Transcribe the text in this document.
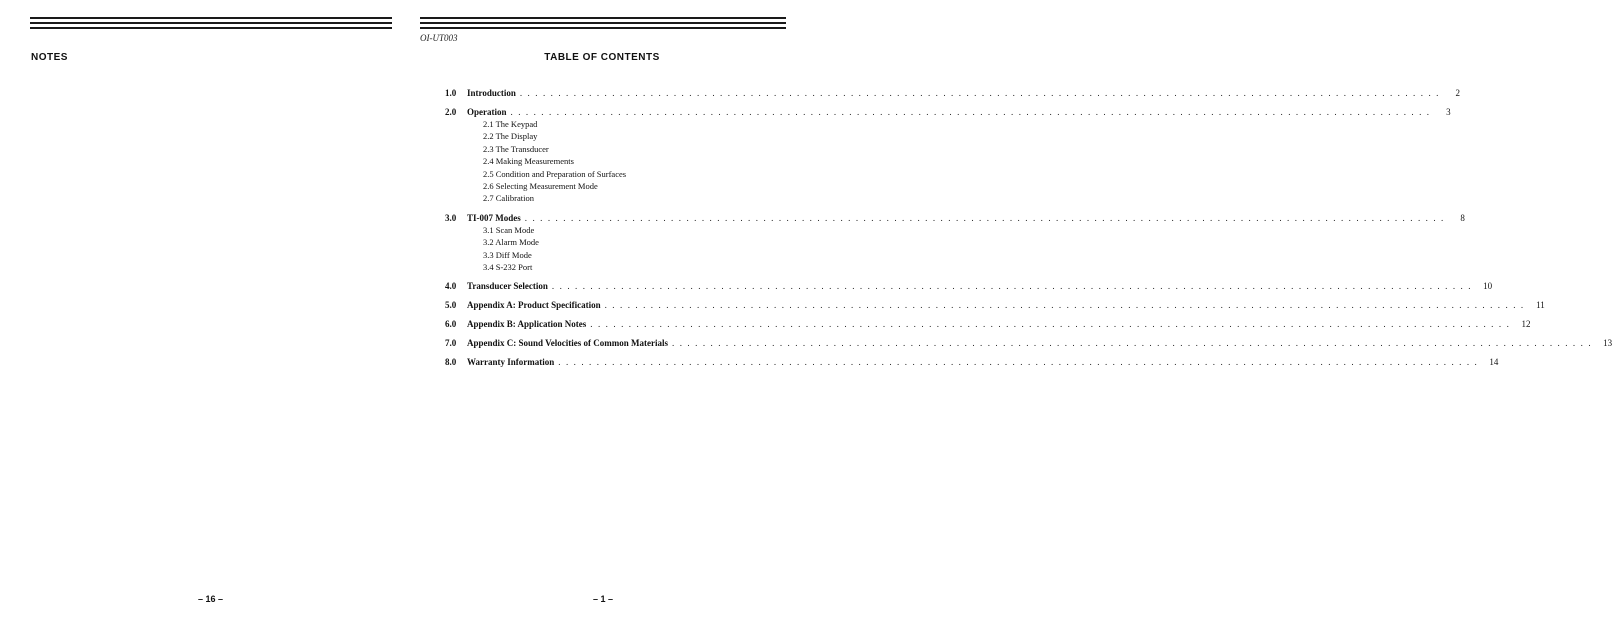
NOTES
– 16 –
OI-UT003
TABLE OF CONTENTS
1.0	Introduction . . . . . . . . . . . . . . . . . . . . . . . . . . . . . . . . . . . . . . . . . . . . . . . . . . . . . . . . . . . . . . . . . . . . . . . . . . . . . . . . . . . . . . . . . . . . . . . . . . . . . . . . . . . . . . . . . . . . . . . .	2
2.0	Operation . . . . . . . . . . . . . . . . . . . . . . . . . . . . . . . . . . . . . . . . . . . . . . . . . . . . . . . . . . . . . . . . . . . . . . . . . . . . . . . . . . . . . . . . . . . . . . . . . . . . . . . . . . . . . . . . . . . . . . . .	3
2.1 The Keypad
2.2 The Display
2.3 The Transducer
2.4 Making Measurements
2.5 Condition and Preparation of Surfaces
2.6 Selecting Measurement Mode
2.7 Calibration
3.0	TI-007 Modes . . . . . . . . . . . . . . . . . . . . . . . . . . . . . . . . . . . . . . . . . . . . . . . . . . . . . . . . . . . . . . . . . . . . . . . . . . . . . . . . . . . . . . . . . . . . . . . . . . . . . . . . . . . . . . . . . . . . . . . .	8
3.1 Scan Mode
3.2 Alarm Mode
3.3 Diff Mode
3.4 S-232 Port
4.0	Transducer Selection . . . . . . . . . . . . . . . . . . . . . . . . . . . . . . . . . . . . . . . . . . . . . . . . . . . . . . . . . . . . . . . . . . . . . . . . . . . . . . . . . . . . . . . . . . . . . . . . . . . . . . . . . . . . . . . . . . . . . . . .	10
5.0	Appendix A: Product Specification . . . . . . . . . . . . . . . . . . . . . . . . . . . . . . . . . . . . . . . . . . . . . . . . . . . . . . . . . . . . . . . . . . . . . . . . . . . . . . . . . . . . . . . . . . . . . . . . . . . . . . . . . . . . . . . . . . . . . . . .	11
6.0	Appendix B: Application Notes . . . . . . . . . . . . . . . . . . . . . . . . . . . . . . . . . . . . . . . . . . . . . . . . . . . . . . . . . . . . . . . . . . . . . . . . . . . . . . . . . . . . . . . . . . . . . . . . . . . . . . . . . . . . . . . . . . . . . . . .	12
7.0	Appendix C: Sound Velocities of Common Materials . . . . . . . . . . . . . . . . . . . . . . . . . . . . . . . . . . . . . . . . . . . . . . . . . . . . . . . . . . . . . . . . . . . . . . . . . . . . . . . . . . . . . . . . . . . . . . . . . . . . . . . . . . . . . . . . . . . . . . . .	13
8.0	Warranty Information . . . . . . . . . . . . . . . . . . . . . . . . . . . . . . . . . . . . . . . . . . . . . . . . . . . . . . . . . . . . . . . . . . . . . . . . . . . . . . . . . . . . . . . . . . . . . . . . . . . . . . . . . . . . . . . . . . . . . . . .	14
– 1 –
